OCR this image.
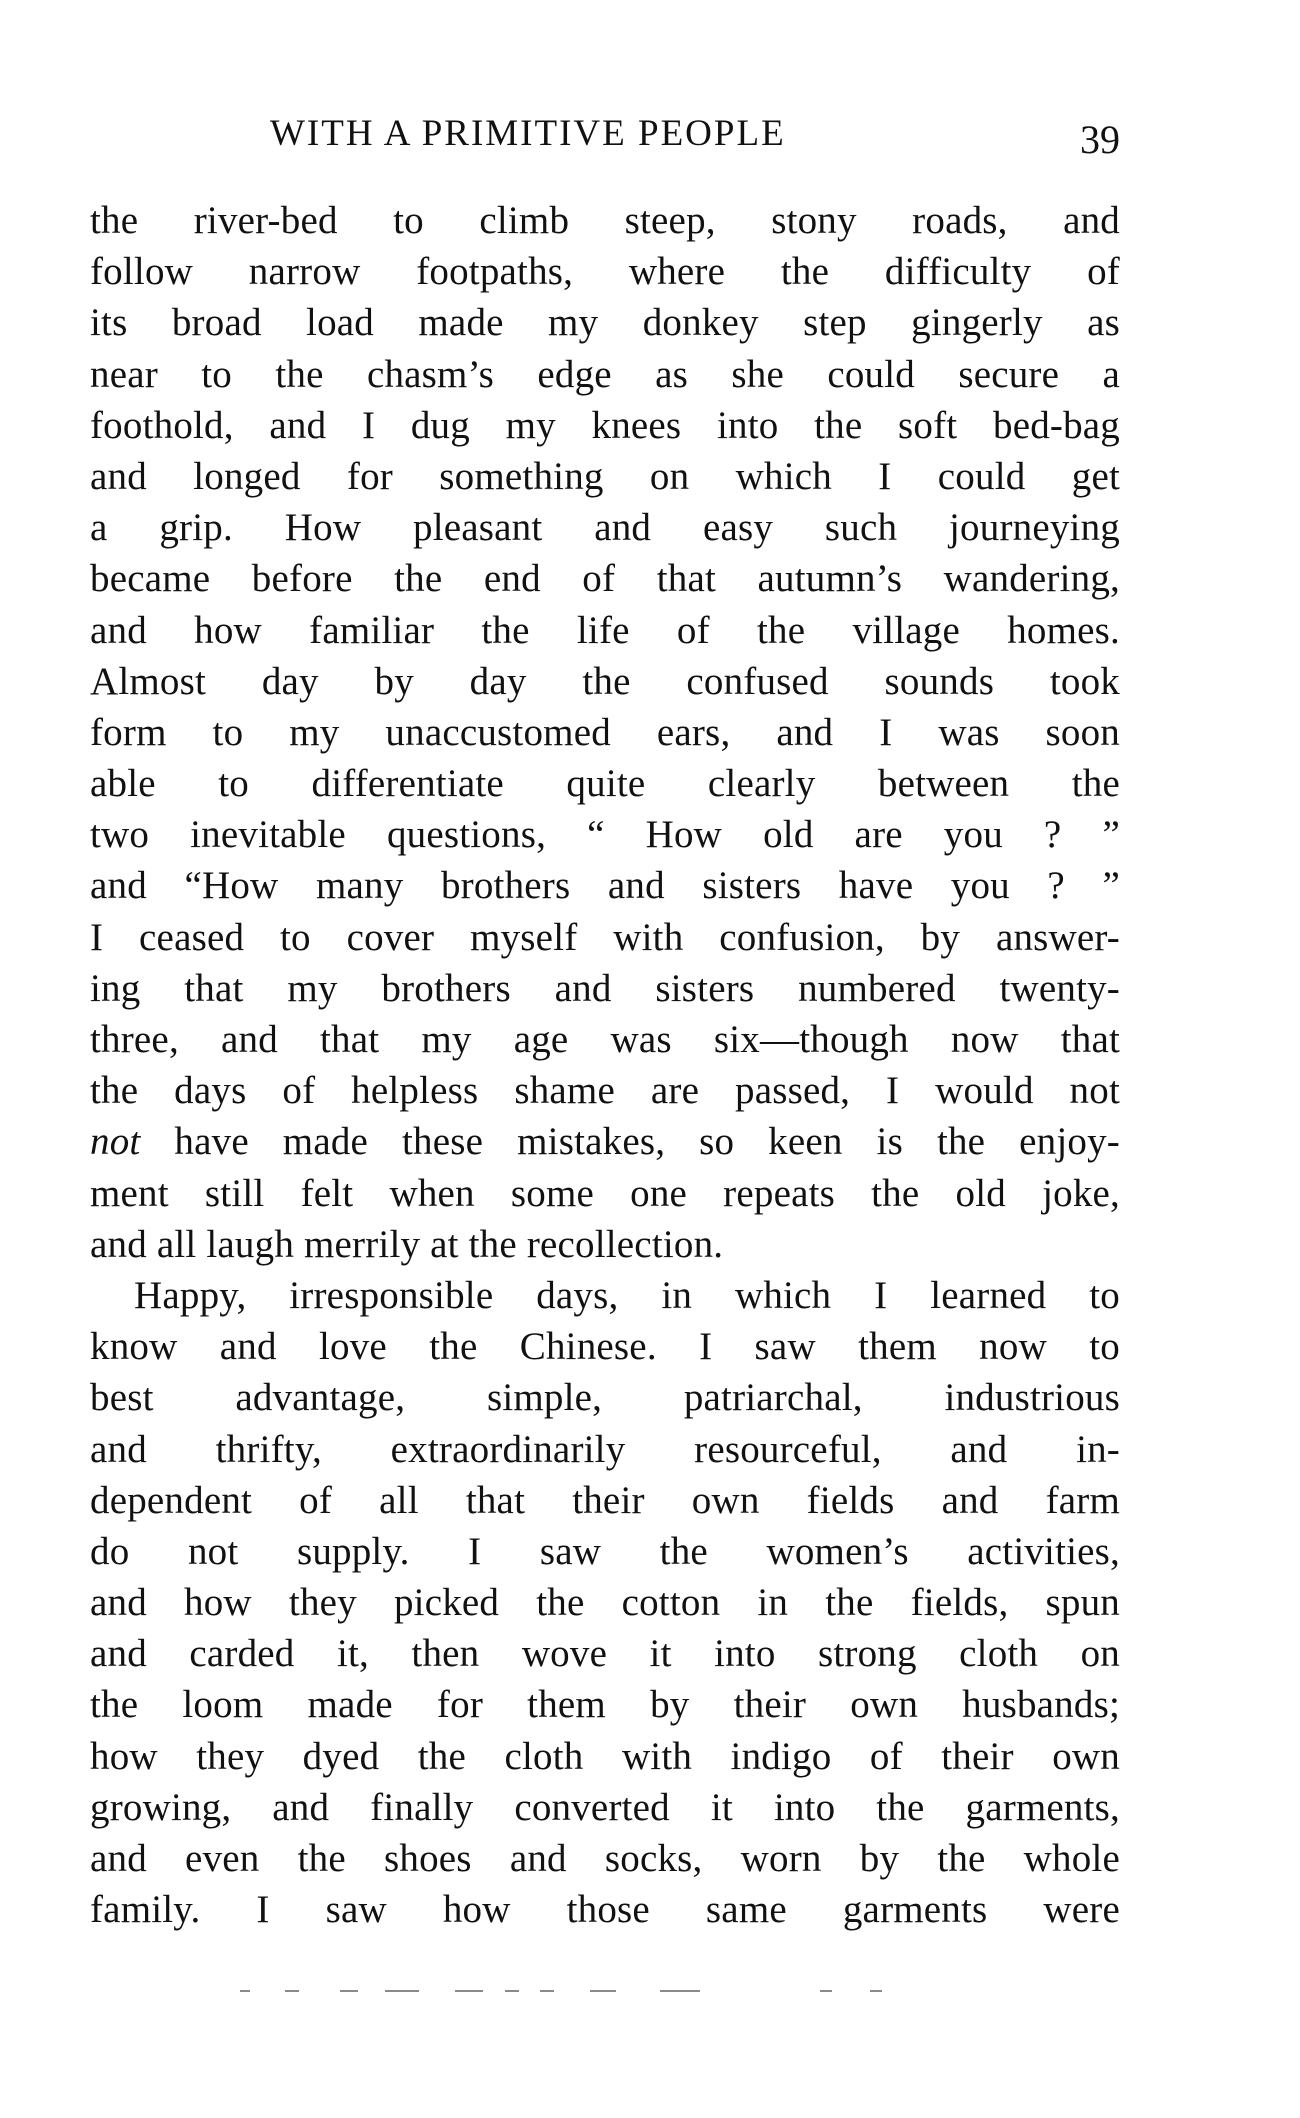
WITH A PRIMITIVE PEOPLE	39
the river-bed to climb steep, stony roads, and
follow narrow footpaths, where the difficulty of
its broad load made my donkey step gingerly as
near to the chasm’s edge as she could secure a
foothold, and I dug my knees into the soft bed-bag
and longed for something on which I could get
a grip. How pleasant and easy such journeying
became before the end of that autumn’s wandering,
and how familiar the life of the village homes.
Almost day by day the confused sounds took
form to my unaccustomed ears, and I was soon
able to differentiate quite clearly between the
two inevitable questions, “ How old are you ? ”
and “How many brothers and sisters have you ? ”
I ceased to cover myself with confusion, by answer-
ing that my brothers and sisters numbered twenty-
three, and that my age was six—though now that
the days of helpless shame are passed, I would not
not have made these mistakes, so keen is the enjoy-
ment still felt when some one repeats the old joke,
and all laugh merrily at the recollection.
Happy, irresponsible days, in which I learned to
know and love the Chinese. I saw them now to
best advantage, simple, patriarchal, industrious
and thrifty, extraordinarily resourceful, and in-
dependent of all that their own fields and farm
do not supply. I saw the women’s activities,
and how they picked the cotton in the fields, spun
and carded it, then wove it into strong cloth on
the loom made for them by their own husbands;
how they dyed the cloth with indigo of their own
growing, and finally converted it into the garments,
and even the shoes and socks, worn by the whole
family. I saw how those same garments were
